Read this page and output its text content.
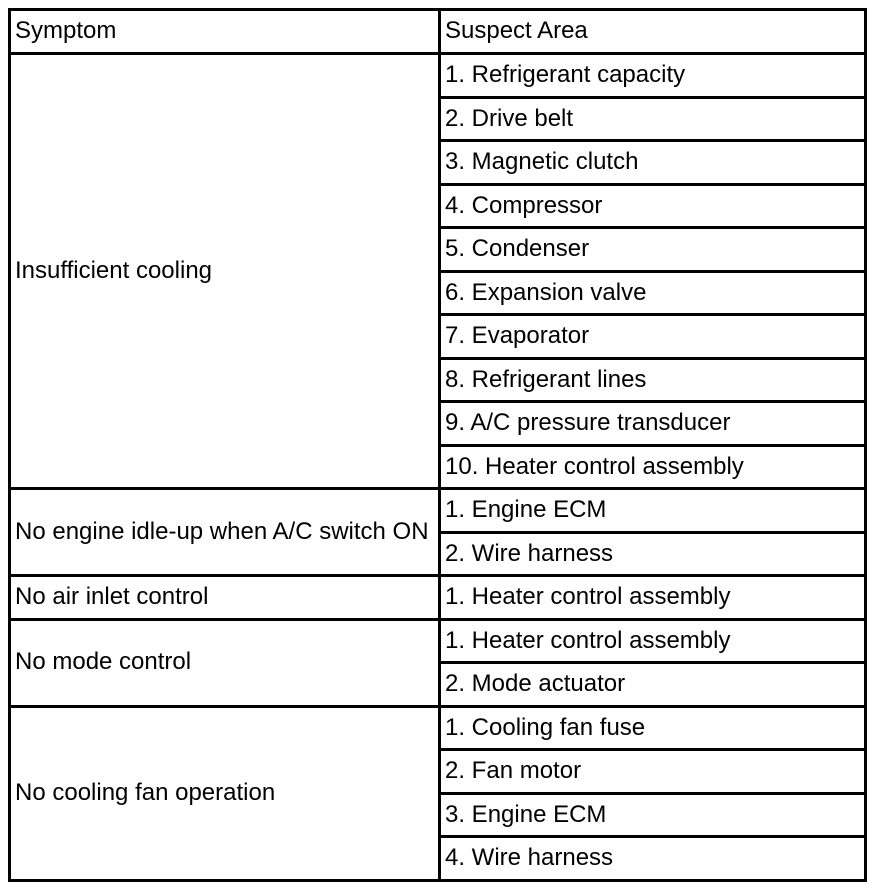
Symptom	Suspect Area
Insufficient cooling	1. Refrigerant capacity
	2. Drive belt
	3. Magnetic clutch
	4. Compressor
	5. Condenser
	6. Expansion valve
	7. Evaporator
	8. Refrigerant lines
	9. A/C pressure transducer
	10. Heater control assembly
No engine idle-up when A/C switch ON	1. Engine ECM
	2. Wire harness
No air inlet control	1. Heater control assembly
No mode control	1. Heater control assembly
	2. Mode actuator
No cooling fan operation	1. Cooling fan fuse
	2. Fan motor
	3. Engine ECM
	4. Wire harness
